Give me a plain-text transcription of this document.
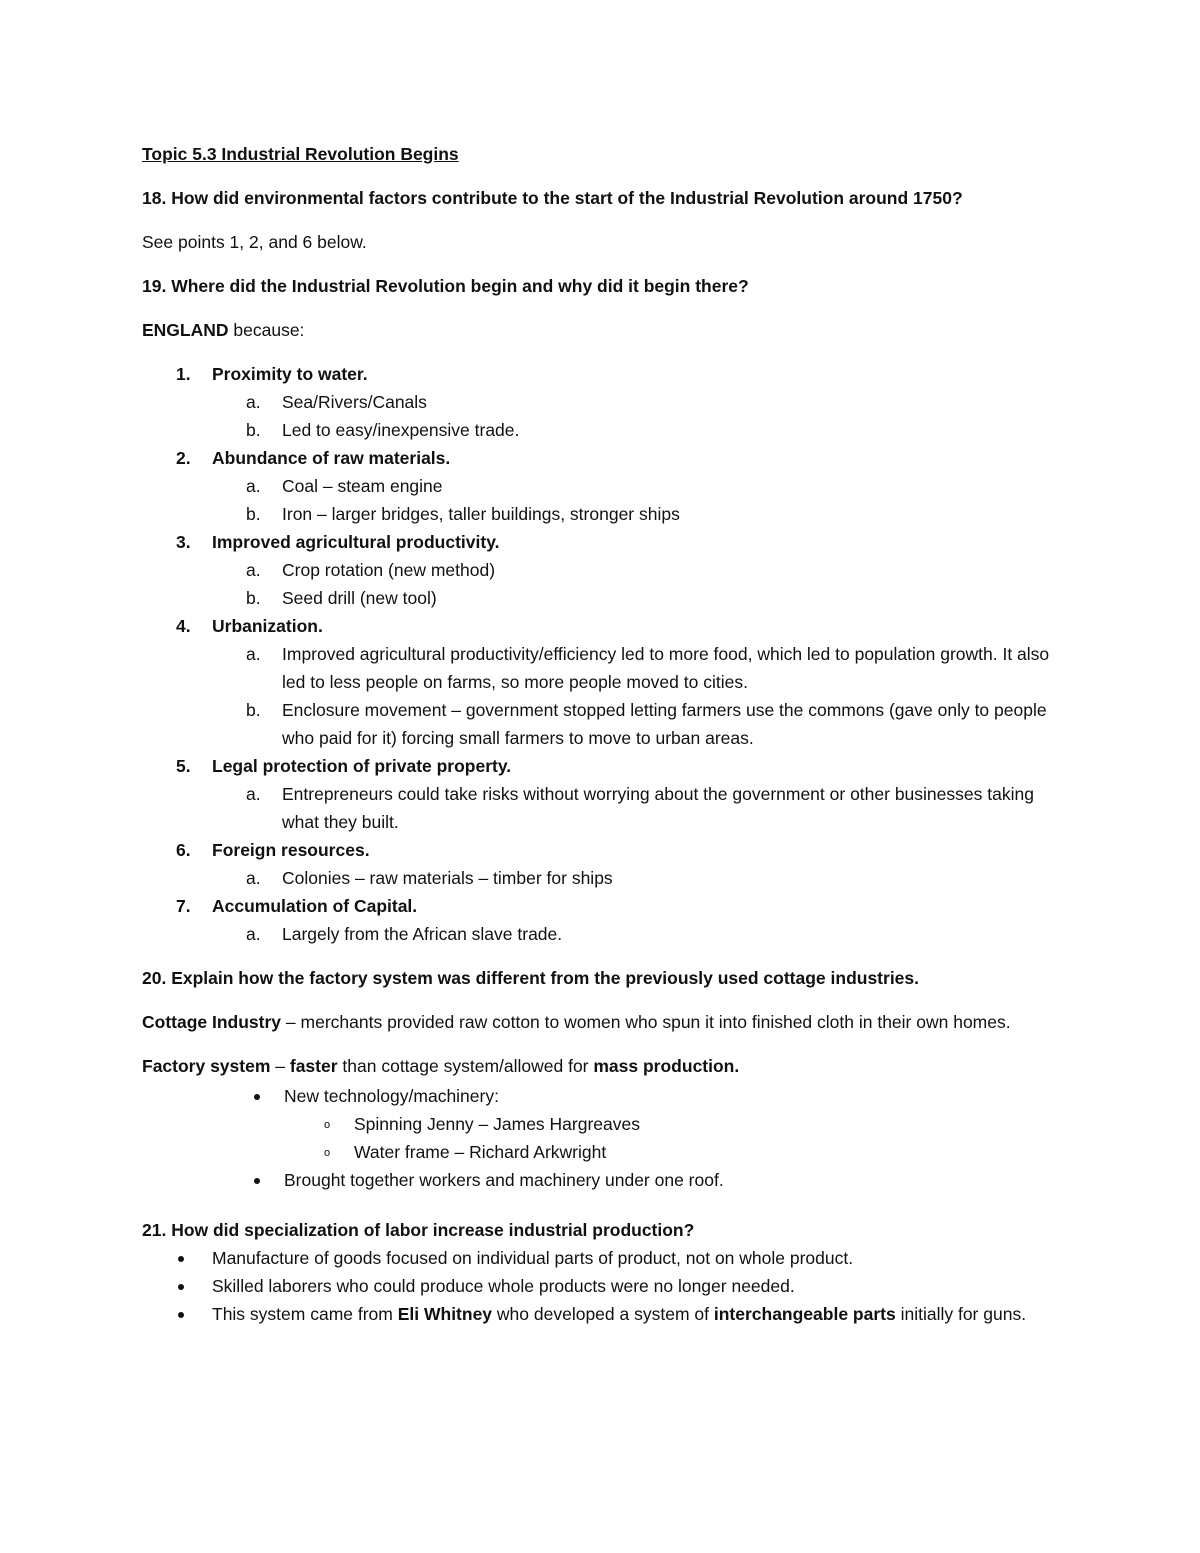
Topic 5.3 Industrial Revolution Begins

18. How did environmental factors contribute to the start of the Industrial Revolution around 1750?

See points 1, 2, and 6 below.

19. Where did the Industrial Revolution begin and why did it begin there?

ENGLAND because:

1. Proximity to water.
a. Sea/Rivers/Canals
b. Led to easy/inexpensive trade.
2. Abundance of raw materials.
a. Coal – steam engine
b. Iron – larger bridges, taller buildings, stronger ships
3. Improved agricultural productivity.
a. Crop rotation (new method)
b. Seed drill (new tool)
4. Urbanization.
a. Improved agricultural productivity/efficiency led to more food, which led to population growth. It also led to less people on farms, so more people moved to cities.
b. Enclosure movement – government stopped letting farmers use the commons (gave only to people who paid for it) forcing small farmers to move to urban areas.
5. Legal protection of private property.
a. Entrepreneurs could take risks without worrying about the government or other businesses taking what they built.
6. Foreign resources.
a. Colonies – raw materials – timber for ships
7. Accumulation of Capital.
a. Largely from the African slave trade.

20. Explain how the factory system was different from the previously used cottage industries.

Cottage Industry – merchants provided raw cotton to women who spun it into finished cloth in their own homes.

Factory system – faster than cottage system/allowed for mass production.

New technology/machinery:
o Spinning Jenny – James Hargreaves
o Water frame – Richard Arkwright
Brought together workers and machinery under one roof.

21. How did specialization of labor increase industrial production?

Manufacture of goods focused on individual parts of product, not on whole product.
Skilled laborers who could produce whole products were no longer needed.
This system came from Eli Whitney who developed a system of interchangeable parts initially for guns.
